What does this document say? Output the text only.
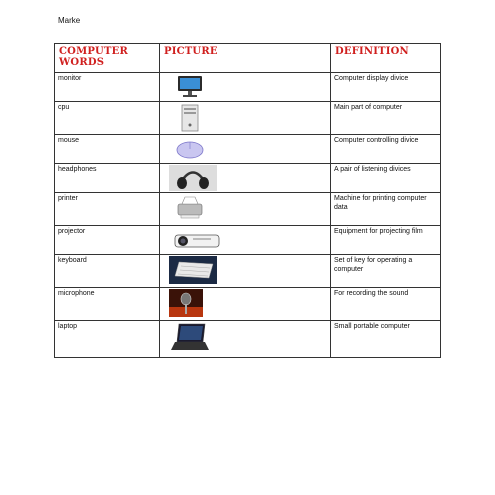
Marke
COMPUTER WORDS	PICTURE	DEFINITION
monitor		Computer display divice
cpu		Main part of computer
mouse		Computer controlling divice
headphones		A pair of listening divices
printer		Machine for printing computer data
projector		Equipment for projecting film
keyboard		Set of key for operating a computer
microphone		For recording the sound
laptop		Small portable computer
